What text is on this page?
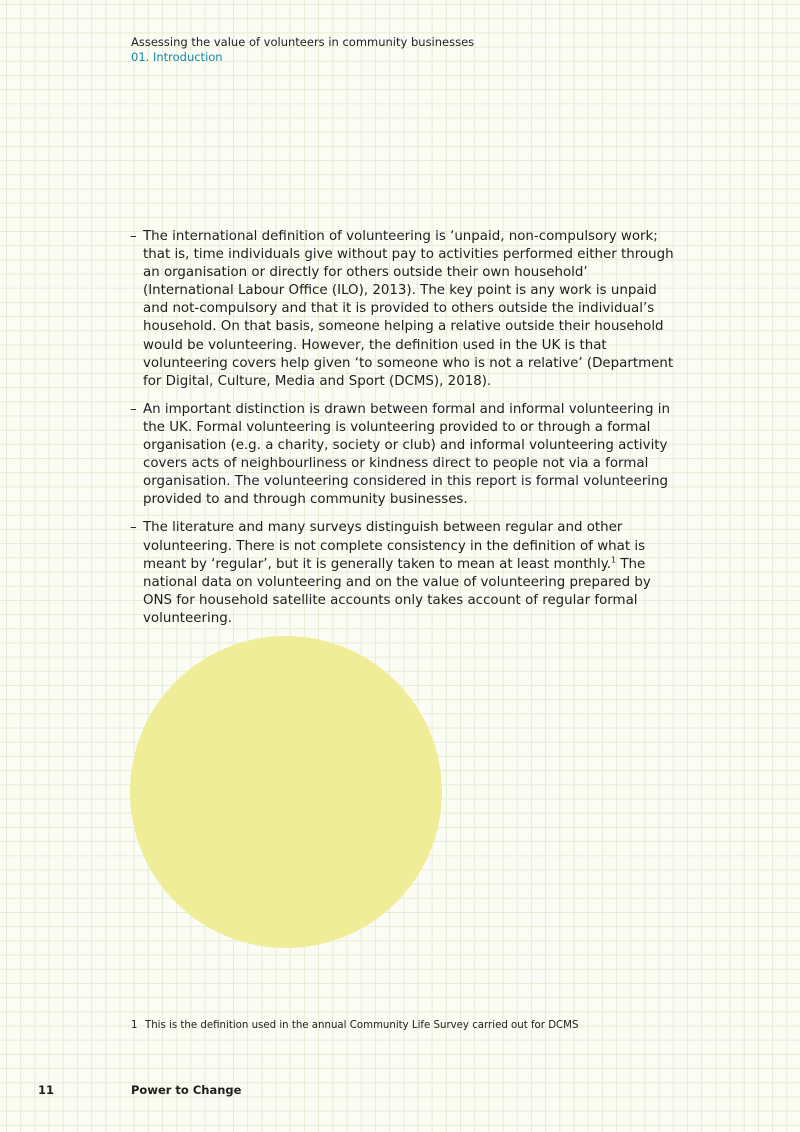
Assessing the value of volunteers in community businesses
01. Introduction
– The international definition of volunteering is ‘unpaid, non-compulsory work; that is, time individuals give without pay to activities performed either through an organisation or directly for others outside their own household’ (International Labour Office (ILO), 2013). The key point is any work is unpaid and not-compulsory and that it is provided to others outside the individual’s household. On that basis, someone helping a relative outside their household would be volunteering. However, the definition used in the UK is that volunteering covers help given ‘to someone who is not a relative’ (Department for Digital, Culture, Media and Sport (DCMS), 2018).
– An important distinction is drawn between formal and informal volunteering in the UK. Formal volunteering is volunteering provided to or through a formal organisation (e.g. a charity, society or club) and informal volunteering activity covers acts of neighbourliness or kindness direct to people not via a formal organisation. The volunteering considered in this report is formal volunteering provided to and through community businesses.
– The literature and many surveys distinguish between regular and other volunteering. There is not complete consistency in the definition of what is meant by ‘regular’, but it is generally taken to mean at least monthly.$^1$ The national data on volunteering and on the value of volunteering prepared by ONS for household satellite accounts only takes account of regular formal volunteering.
1 This is the definition used in the annual Community Life Survey carried out for DCMS
11	Power to Change
